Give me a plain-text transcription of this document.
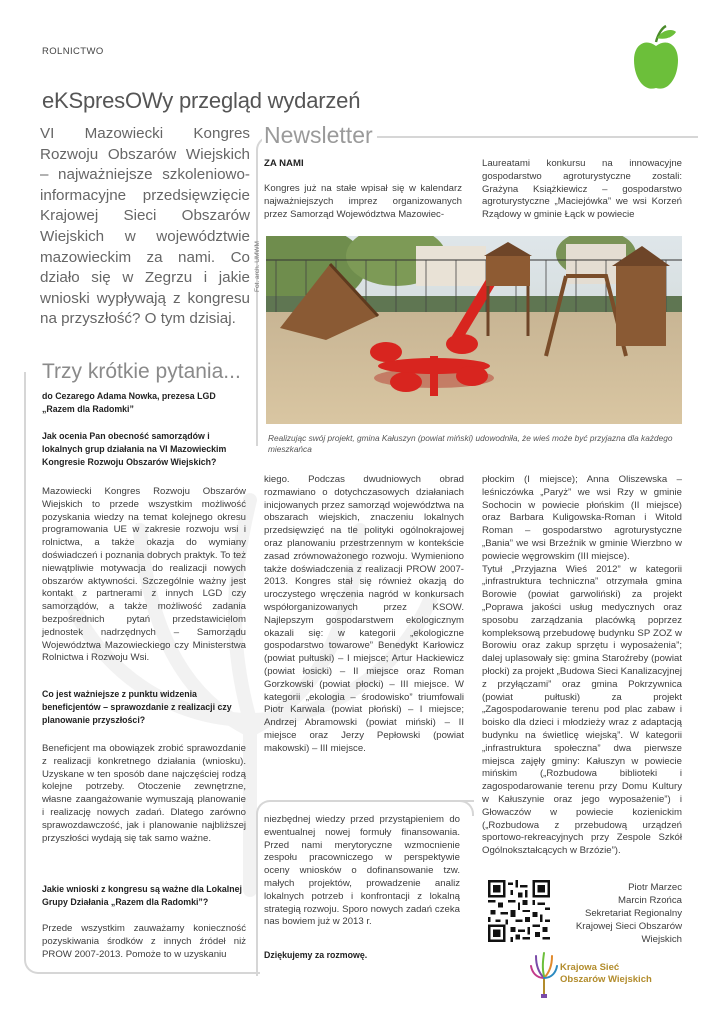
ROLNICTWO
eKSpresOWy przegląd wydarzeń
VI Mazowiecki Kongres Rozwoju Obszarów Wiejskich – najważniejsze szkoleniowo-informacyjne przedsięwzięcie Krajowej Sieci Obszarów Wiejskich w województwie mazowieckim za nami. Co działo się w Zegrzu i jakie wnioski wypływają z kongresu na przyszłość? O tym dzisiaj.
Newsletter
ZA NAMI
Kongres już na stałe wpisał się w kalendarz najważniejszych imprez organizowanych przez Samorząd Województwa Mazowiec-
Laureatami konkursu na innowacyjne gospodarstwo agroturystyczne zostali: Grażyna Książkiewicz – gospodarstwo agroturystyczne „Maciejówka” we wsi Korzeń Rządowy w gminie Łąck w powiecie
Fot. arch. UMWM
Realizując swój projekt, gmina Kałuszyn (powiat miński) udowodniła, że wieś może być przyjazna dla każdego mieszkańca
Trzy krótkie pytania...
do Cezarego Adama Nowka, prezesa LGD „Razem dla Radomki”
Jak ocenia Pan obecność samorządów i lokalnych grup działania na VI Mazowieckim Kongresie Rozwoju Obszarów Wiejskich?
Mazowiecki Kongres Rozwoju Obszarów Wiejskich to przede wszystkim możliwość pozyskania wiedzy na temat kolejnego okresu programowania UE w zakresie rozwoju wsi i rolnictwa, a także okazja do wymiany doświadczeń i poznania dobrych praktyk. To też niewątpliwie motywacja do realizacji nowych obszarów aktywności. Szczególnie ważny jest kontakt z partnerami z innych LGD czy samorządów, a także możliwość zadania bezpośrednich pytań przedstawicielom jednostek nadrzędnych – Samorządu Województwa Mazowieckiego czy Ministerstwa Rolnictwa i Rozwoju Wsi.
Co jest ważniejsze z punktu widzenia beneficjentów – sprawozdanie z realizacji czy planowanie przyszłości?
Beneficjent ma obowiązek zrobić sprawozdanie z realizacji konkretnego działania (wniosku). Uzyskane w ten sposób dane najczęściej rodzą kolejne potrzeby. Otoczenie zewnętrzne, własne zaangażowanie wymuszają planowanie i realizację nowych zadań. Dlatego zarówno sprawozdawczość, jak i planowanie najbliższej przyszłości wydają się tak samo ważne.
Jakie wnioski z kongresu są ważne dla Lokalnej Grupy Działania „Razem dla Radomki”?
Przede wszystkim zauważamy konieczność pozyskiwania środków z innych źródeł niż PROW 2007-2013. Pomoże to w uzyskaniu
kiego. Podczas dwudniowych obrad rozmawiano o dotychczasowych działaniach inicjowanych przez samorząd województwa na obszarach wiejskich, znaczeniu lokalnych przedsięwzięć na tle polityki ogólnokrajowej oraz planowaniu przestrzennym w kontekście zasad zrównoważonego rozwoju. Wymieniono także doświadczenia z realizacji PROW 2007-2013. Kongres stał się również okazją do uroczystego wręczenia nagród w konkursach współorganizowanych przez KSOW. Najlepszym gospodarstwem ekologicznym okazali się: w kategorii „ekologiczne gospodarstwo towarowe” Benedykt Karłowicz (powiat pułtuski) – I miejsce; Artur Hackiewicz (powiat łosicki) – II miejsce oraz Roman Gorzkowski (powiat płocki) – III miejsce. W kategorii „ekologia – środowisko” triumfowali Piotr Karwala (powiat płoński) – I miejsce; Andrzej Abramowski (powiat miński) – II miejsce oraz Jerzy Pepłowski (powiat makowski) – III miejsce.
niezbędnej wiedzy przed przystąpieniem do ewentualnej nowej formuły finansowania. Przed nami merytoryczne wzmocnienie zespołu pracowniczego w perspektywie oceny wniosków o dofinansowanie tzw. małych projektów, prowadzenie analiz lokalnych potrzeb i konfrontacji z lokalną strategią rozwoju. Sporo nowych zadań czeka nas bowiem już w 2013 r.
Dziękujemy za rozmowę.
płockim (I miejsce); Anna Oliszewska – leśniczówka „Paryż” we wsi Rzy w gminie Sochocin w powiecie płońskim (II miejsce) oraz Barbara Kuligowska-Roman i Witold Roman – gospodarstwo agroturystyczne „Bania” we wsi Brzeźnik w gminie Wierzbno w powiecie węgrowskim (III miejsce).
Tytuł „Przyjazna Wieś 2012” w kategorii „infrastruktura techniczna” otrzymała gmina Borowie (powiat garwoliński) za projekt „Poprawa jakości usług medycznych oraz sposobu zarządzania placówką poprzez kompleksową przebudowę budynku SP ZOZ w Borowiu oraz zakup sprzętu i wyposażenia”; dalej uplasowały się: gmina Staroźreby (powiat płocki) za projekt „Budowa Sieci Kanalizacyjnej z przyłączami” oraz gmina Pokrzywnica (powiat pułtuski) za projekt „Zagospodarowanie terenu pod plac zabaw i boisko dla dzieci i młodzieży wraz z adaptacją budynku na świetlicę wiejską”. W kategorii „infrastruktura społeczna” dwa pierwsze miejsca zajęły gminy: Kałuszyn w powiecie mińskim („Rozbudowa biblioteki i zagospodarowanie terenu przy Domu Kultury w Kałuszynie oraz jego wyposażenie”) i Głowaczów w powiecie kozienickim („Rozbudowa z przebudową urządzeń sportowo-rekreacyjnych przy Zespole Szkół Ogólnokształcących w Brzózie”).
Piotr Marzec
Marcin Rzońca
Sekretariat Regionalny
Krajowej Sieci Obszarów
Wiejskich
Krajowa Sieć
Obszarów Wiejskich
